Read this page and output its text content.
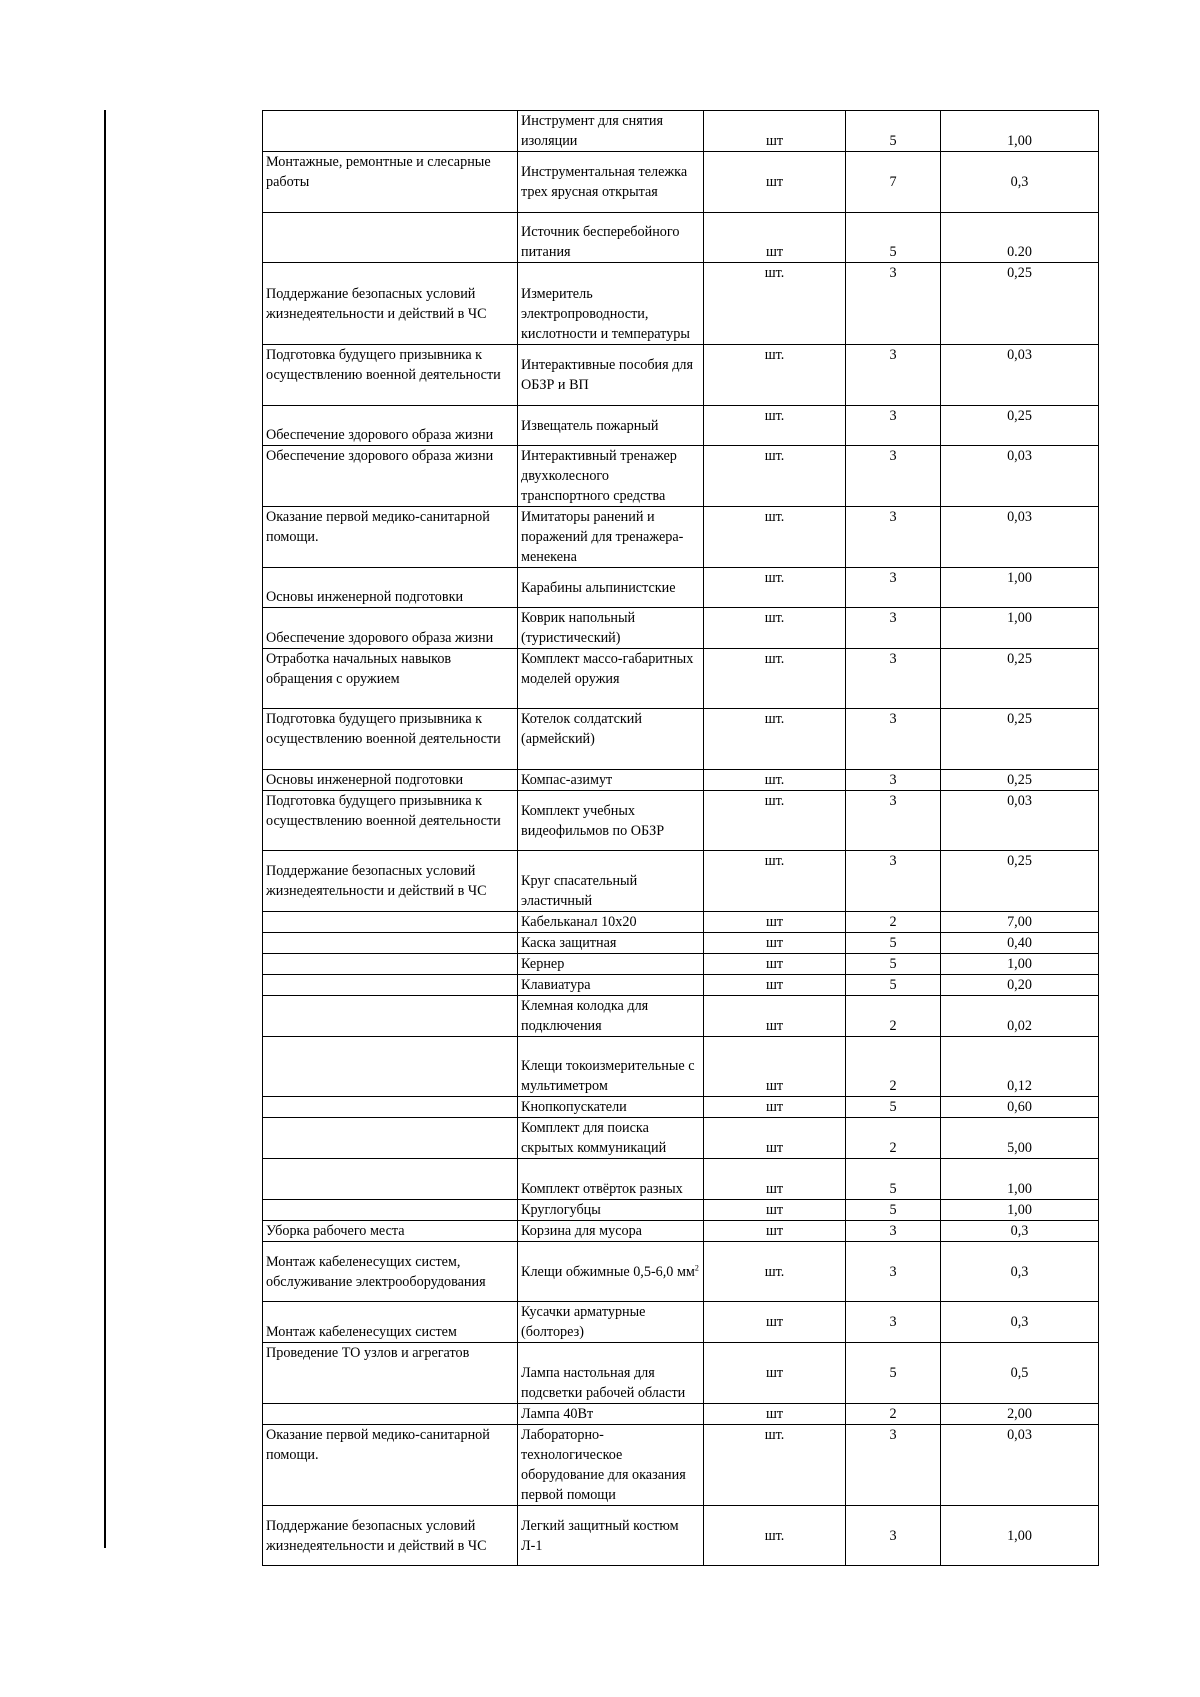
	Инструмент для снятия изоляции	шт	5	1,00
Монтажные, ремонтные и слесарные работы	Инструментальная тележка трех ярусная открытая	шт	7	0,3
	Источник бесперебойного питания	шт	5	0.20
Поддержание безопасных условий жизнедеятельности и действий в ЧС	Измеритель электропроводности, кислотности и температуры	шт.	3	0,25
Подготовка будущего призывника к осуществлению военной деятельности	Интерактивные пособия для ОБЗР и ВП	шт.	3	0,03
Обеспечение здорового образа жизни	Извещатель пожарный	шт.	3	0,25
Обеспечение здорового образа жизни	Интерактивный тренажер двухколесного транспортного средства	шт.	3	0,03
Оказание первой медико-санитарной помощи.	Имитаторы ранений и поражений для тренажера-менекена	шт.	3	0,03
Основы инженерной подготовки	Карабины альпинистские	шт.	3	1,00
Обеспечение здорового образа жизни	Коврик напольный (туристический)	шт.	3	1,00
Отработка начальных навыков обращения с оружием	Комплект массо-габаритных моделей оружия	шт.	3	0,25
Подготовка будущего призывника к осуществлению военной деятельности	Котелок солдатский (армейский)	шт.	3	0,25
Основы инженерной подготовки	Компас-азимут	шт.	3	0,25
Подготовка будущего призывника к осуществлению военной деятельности	Комплект учебных видеофильмов по ОБЗР	шт.	3	0,03
Поддержание безопасных условий жизнедеятельности и действий в ЧС	Круг спасательный эластичный	шт.	3	0,25
	Кабельканал 10х20	шт	2	7,00
	Каска защитная	шт	5	0,40
	Кернер	шт	5	1,00
	Клавиатура	шт	5	0,20
	Клемная колодка для подключения	шт	2	0,02
	Клещи токоизмерительные с мультиметром	шт	2	0,12
	Кнопкопускатели	шт	5	0,60
	Комплект для поиска скрытых коммуникаций	шт	2	5,00
	Комплект отвёрток разных	шт	5	1,00
	Круглогубцы	шт	5	1,00
Уборка рабочего места	Корзина для мусора	шт	3	0,3
Монтаж кабеленесущих систем, обслуживание электрооборудования	Клещи обжимные 0,5-6,0 $мм^2$	шт.	3	0,3
Монтаж кабеленесущих систем	Кусачки арматурные (болторез)	шт	3	0,3
Проведение ТО узлов и агрегатов	Лампа настольная для подсветки рабочей области	шт	5	0,5
	Лампа 40Вт	шт	2	2,00
Оказание первой медико-санитарной помощи.	Лабораторно-технологическое оборудование для оказания первой помощи	шт.	3	0,03
Поддержание безопасных условий жизнедеятельности и действий в ЧС	Легкий защитный костюм Л-1	шт.	3	1,00
